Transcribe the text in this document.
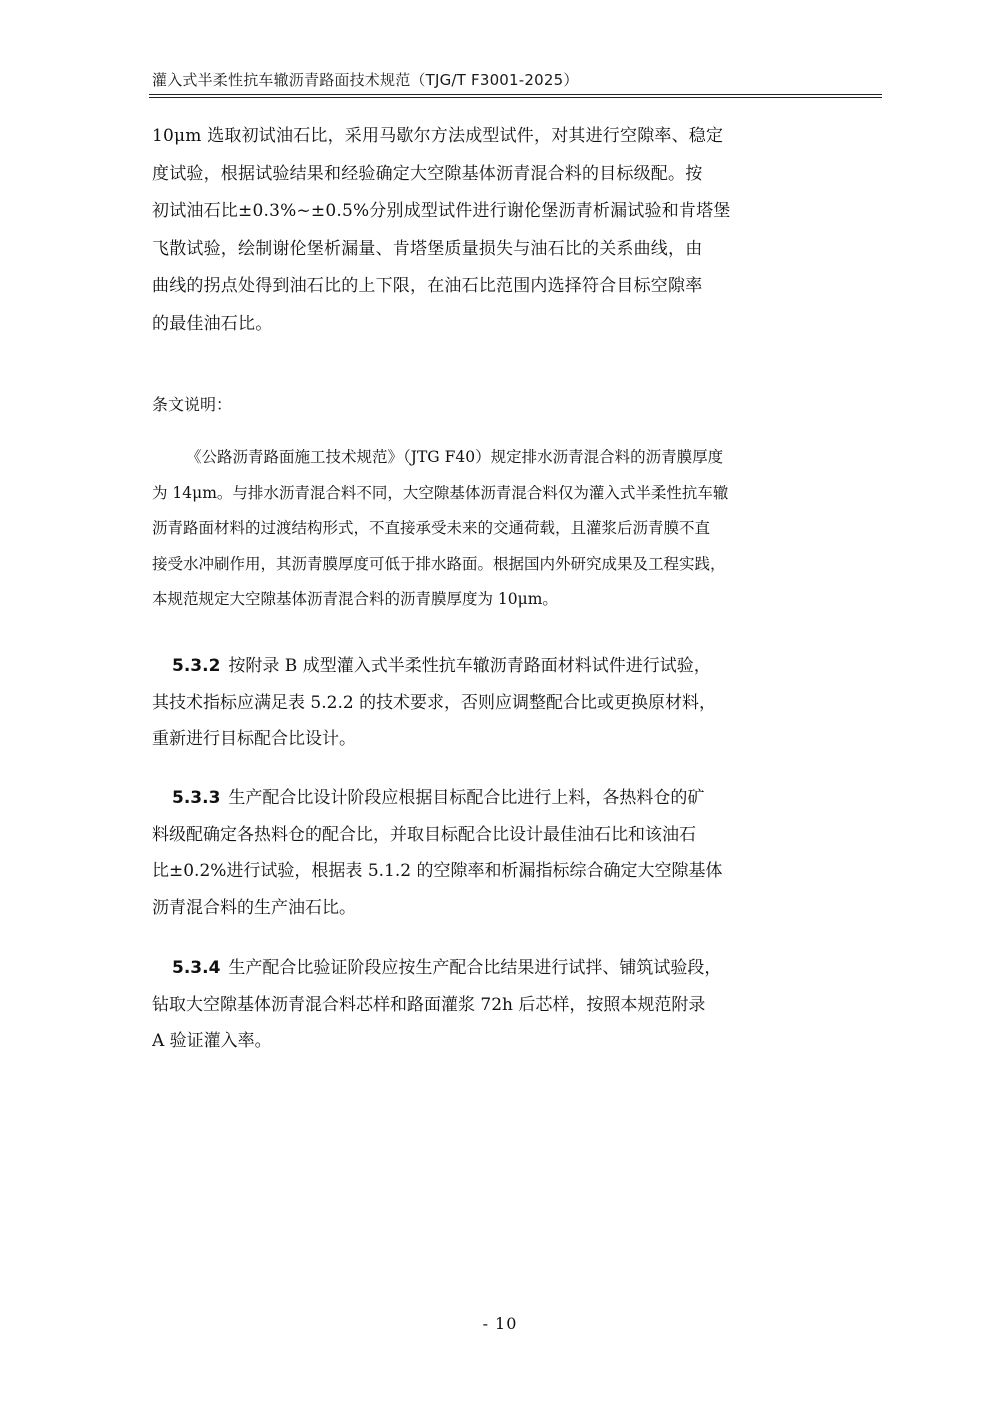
灌入式半柔性抗车辙沥青路面技术规范（TJG/T F3001-2025）
10μm 选取初试油石比，采用马歇尔方法成型试件，对其进行空隙率、稳定
度试验，根据试验结果和经验确定大空隙基体沥青混合料的目标级配。按
初试油石比±0.3%~±0.5%分别成型试件进行谢伦堡沥青析漏试验和肯塔堡
飞散试验，绘制谢伦堡析漏量、肯塔堡质量损失与油石比的关系曲线，由
曲线的拐点处得到油石比的上下限，在油石比范围内选择符合目标空隙率
的最佳油石比。
条文说明：
《公路沥青路面施工技术规范》（JTG F40）规定排水沥青混合料的沥青膜厚度
为 14μm。与排水沥青混合料不同，大空隙基体沥青混合料仅为灌入式半柔性抗车辙
沥青路面材料的过渡结构形式，不直接承受未来的交通荷载，且灌浆后沥青膜不直
接受水冲刷作用，其沥青膜厚度可低于排水路面。根据国内外研究成果及工程实践，
本规范规定大空隙基体沥青混合料的沥青膜厚度为 10μm。
5.3.2 按附录 B 成型灌入式半柔性抗车辙沥青路面材料试件进行试验，
其技术指标应满足表 5.2.2 的技术要求，否则应调整配合比或更换原材料，
重新进行目标配合比设计。
5.3.3 生产配合比设计阶段应根据目标配合比进行上料，各热料仓的矿
料级配确定各热料仓的配合比，并取目标配合比设计最佳油石比和该油石
比±0.2%进行试验，根据表 5.1.2 的空隙率和析漏指标综合确定大空隙基体
沥青混合料的生产油石比。
5.3.4 生产配合比验证阶段应按生产配合比结果进行试拌、铺筑试验段，
钻取大空隙基体沥青混合料芯样和路面灌浆 72h 后芯样，按照本规范附录
A 验证灌入率。
- 10
